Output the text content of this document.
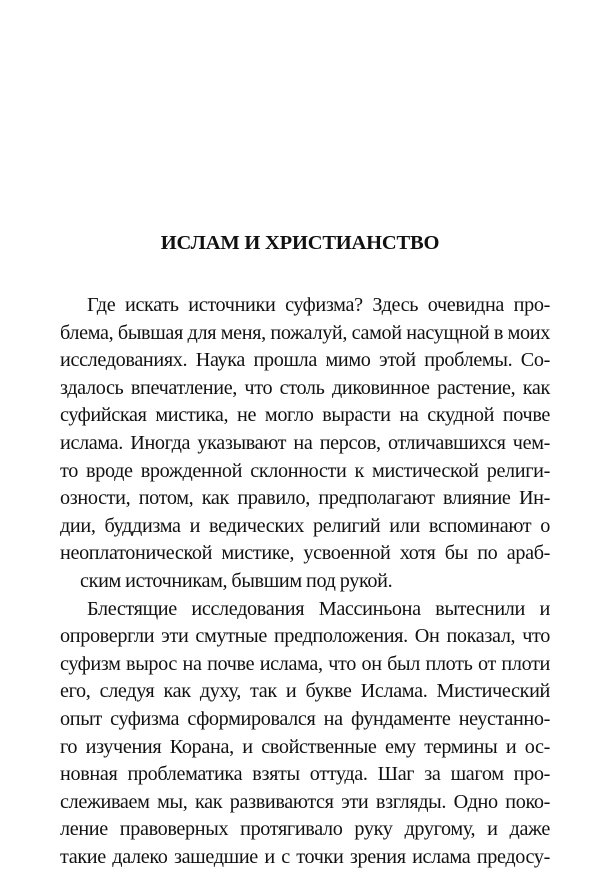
ИСЛАМ И ХРИСТИАНСТВО
Где искать источники суфизма? Здесь очевидна про-
блема, бывшая для меня, пожалуй, самой насущной в моих
исследованиях. Наука прошла мимо этой проблемы. Со-
здалось впечатление, что столь диковинное растение, как
суфийская мистика, не могло вырасти на скудной почве
ислама. Иногда указывают на персов, отличавшихся чем-
то вроде врожденной склонности к мистической религи-
озности, потом, как правило, предполагают влияние Ин-
дии, буддизма и ведических религий или вспоминают о
неоплатонической мистике, усвоенной хотя бы по араб-
ским источникам, бывшим под рукой.
Блестящие исследования Массиньона вытеснили и
опровергли эти смутные предположения. Он показал, что
суфизм вырос на почве ислама, что он был плоть от плоти
его, следуя как духу, так и букве Ислама. Мистический
опыт суфизма сформировался на фундаменте неустанно-
го изучения Корана, и свойственные ему термины и ос-
новная проблематика взяты оттуда. Шаг за шагом про-
слеживаем мы, как развиваются эти взгляды. Одно поко-
ление правоверных протягивало руку другому, и даже
такие далеко зашедшие и с точки зрения ислама предосу-
